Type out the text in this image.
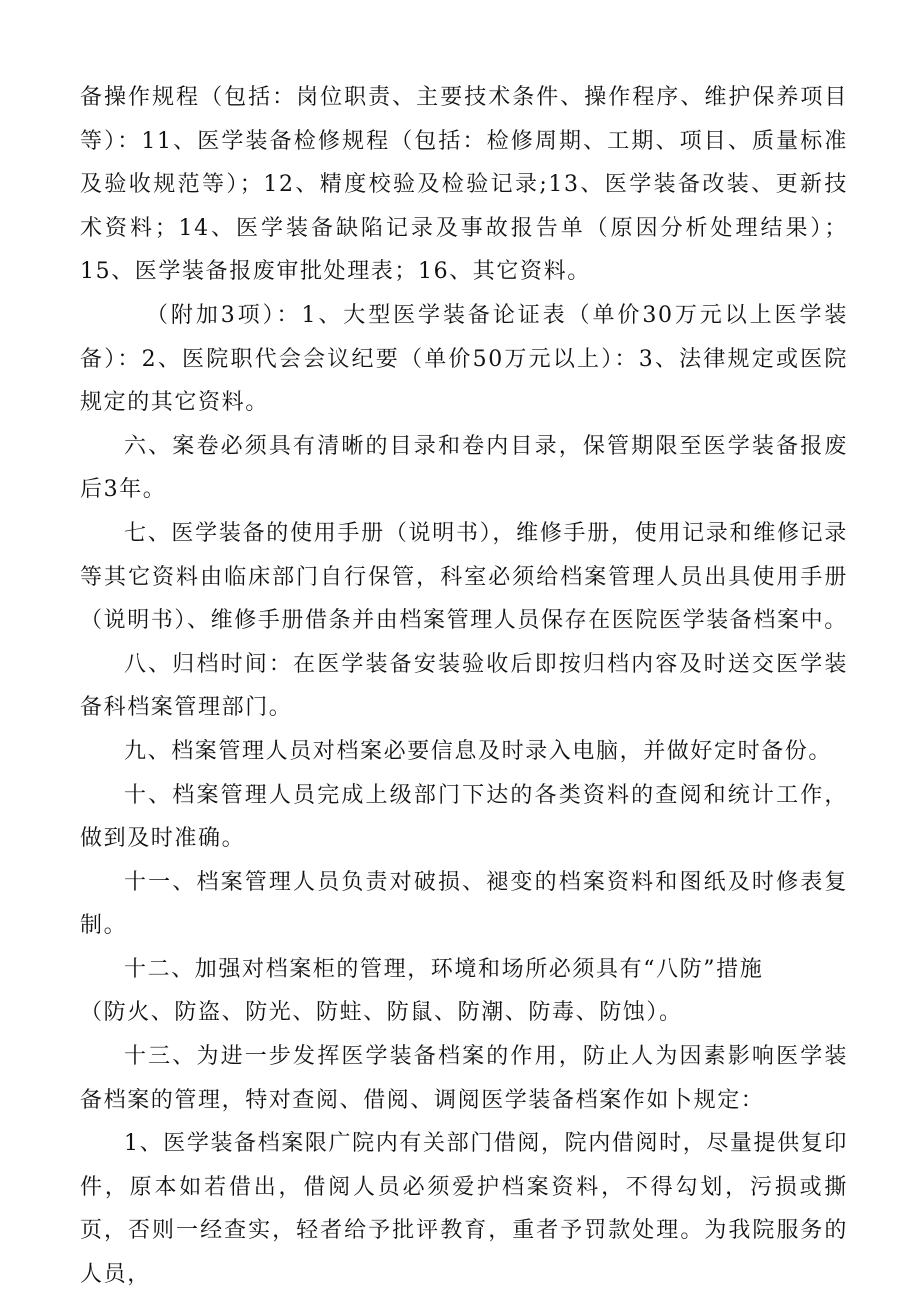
备操作规程（包括：岗位职责、主要技术条件、操作程序、维护保养项目等）：11、医学装备检修规程（包括：检修周期、工期、项目、质量标准及验收规范等）；12、精度校验及检验记录;13、医学装备改装、更新技术资料；14、医学装备缺陷记录及事故报告单（原因分析处理结果）；15、医学装备报废审批处理表；16、其它资料。

（附加3项）：1、大型医学装备论证表（单价30万元以上医学装备）：2、医院职代会会议纪要（单价50万元以上）：3、法律规定或医院规定的其它资料。

六、案卷必须具有清晰的目录和卷内目录，保管期限至医学装备报废后3年。

七、医学装备的使用手册（说明书），维修手册，使用记录和维修记录等其它资料由临床部门自行保管，科室必须给档案管理人员出具使用手册（说明书）、维修手册借条并由档案管理人员保存在医院医学装备档案中。

八、归档时间：在医学装备安装验收后即按归档内容及时送交医学装备科档案管理部门。

九、档案管理人员对档案必要信息及时录入电脑，并做好定时备份。

十、档案管理人员完成上级部门下达的各类资料的查阅和统计工作，做到及时准确。

十一、档案管理人员负责对破损、褪变的档案资料和图纸及时修表复制。

十二、加强对档案柜的管理，环境和场所必须具有“八防”措施

（防火、防盗、防光、防蛀、防鼠、防潮、防毒、防蚀）。

十三、为进一步发挥医学装备档案的作用，防止人为因素影响医学装备档案的管理，特对查阅、借阅、调阅医学装备档案作如卜规定：

1、医学装备档案限广院内有关部门借阅，院内借阅时，尽量提供复印件，原本如若借出，借阅人员必须爱护档案资料，不得勾划，污损或撕页，否则一经查实，轻者给予批评教育，重者予罚款处理。为我院服务的人员，
